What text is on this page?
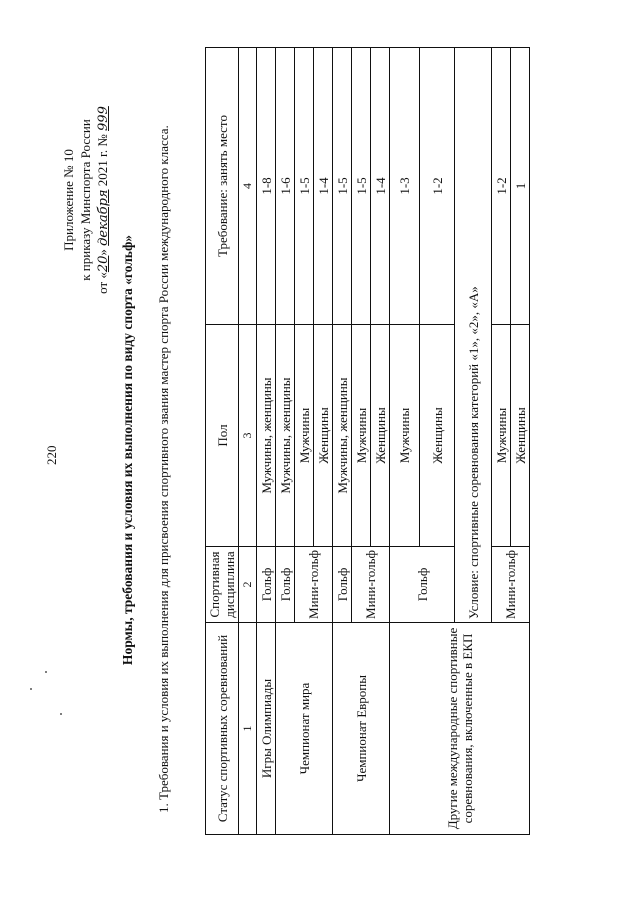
220
Приложение № 10 к приказу Минспорта России
от «20» декабря 2021 г. № 999
Нормы, требования и условия их выполнения по виду спорта «гольф» 1. Требования и условия их выполнения для присвоения спортивного звания мастер спорта России международного класса.	Статус спортивных соревнований	Спортивная дисциплина	Пол	Требование: занять место
1	2	3	4
Игры Олимпиады	Гольф	Мужчины, женщины	1-8
Чемпионат мира	Гольф	Мужчины, женщины	1-6
	Мини-гольф	Мужчины	1-5
		Женщины	1-4
Чемпионат Европы	Гольф	Мужчины, женщины	1-5
	Мини-гольф	Мужчины	1-5
		Женщины	1-4
Другие международные спортивные соревнования, включенные в ЕКП	Гольф	Мужчины	1-3
		Женщины	1-2
	Условие: спортивные соревнования категорий «1», «2», «А»		
	Мини-гольф	Мужчины	1-2
		Женщины	1
